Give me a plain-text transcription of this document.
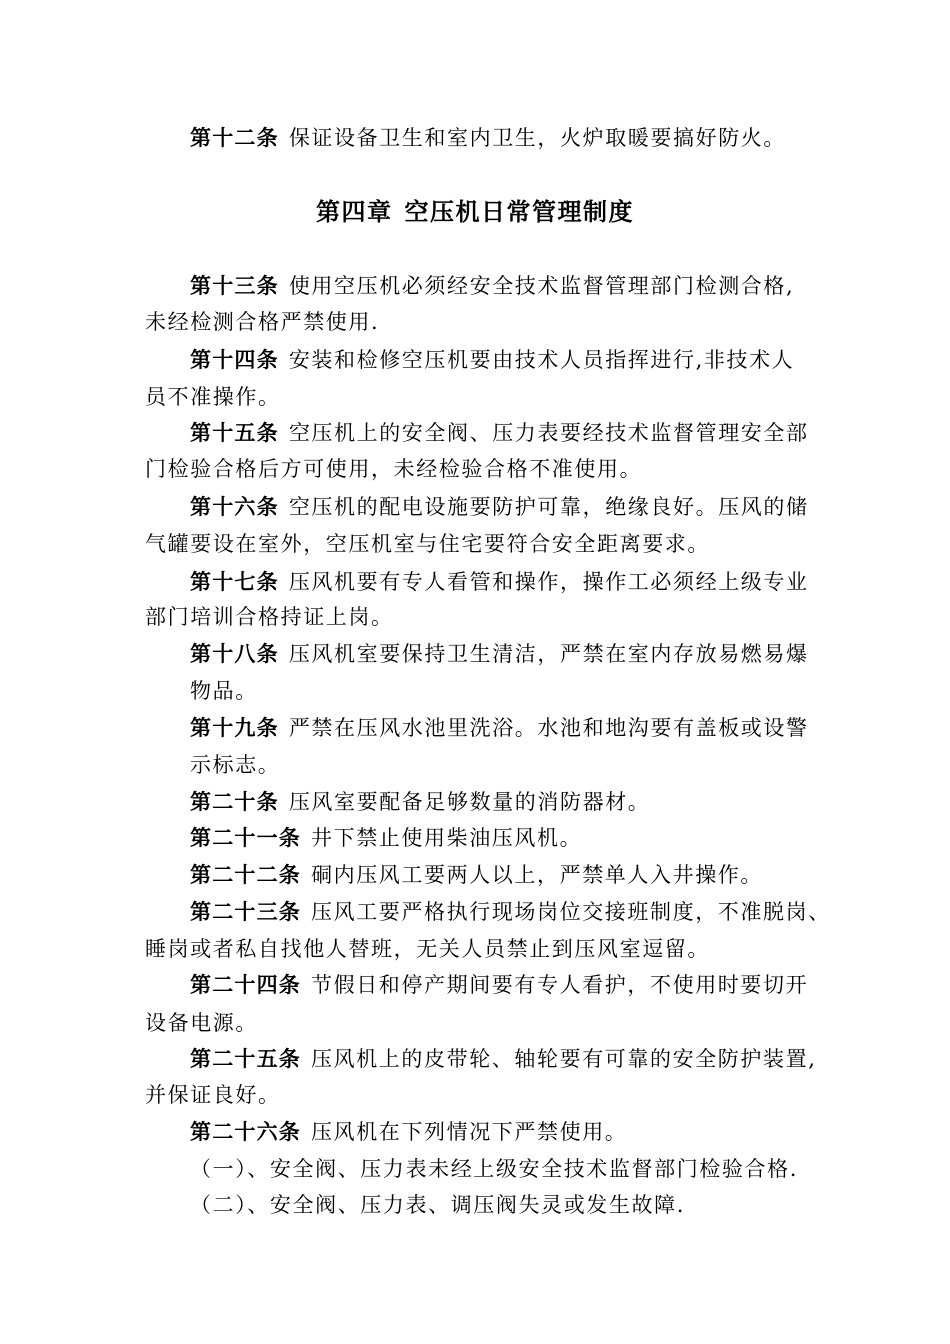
第十二条 保证设备卫生和室内卫生，火炉取暖要搞好防火。
第四章 空压机日常管理制度
第十三条 使用空压机必须经安全技术监督管理部门检测合格,
未经检测合格严禁使用.
第十四条 安装和检修空压机要由技术人员指挥进行,非技术人
员不准操作。
第十五条 空压机上的安全阀、压力表要经技术监督管理安全部
门检验合格后方可使用，未经检验合格不准使用。
第十六条 空压机的配电设施要防护可靠，绝缘良好。压风的储
气罐要设在室外，空压机室与住宅要符合安全距离要求。
第十七条 压风机要有专人看管和操作，操作工必须经上级专业
部门培训合格持证上岗。
第十八条 压风机室要保持卫生清洁，严禁在室内存放易燃易爆
物品。
第十九条 严禁在压风水池里洗浴。水池和地沟要有盖板或设警
示标志。
第二十条 压风室要配备足够数量的消防器材。
第二十一条 井下禁止使用柴油压风机。
第二十二条 硐内压风工要两人以上，严禁单人入井操作。
第二十三条 压风工要严格执行现场岗位交接班制度，不准脱岗、
睡岗或者私自找他人替班，无关人员禁止到压风室逗留。
第二十四条 节假日和停产期间要有专人看护，不使用时要切开
设备电源。
第二十五条 压风机上的皮带轮、轴轮要有可靠的安全防护装置,
并保证良好。
第二十六条 压风机在下列情况下严禁使用。
（一）、安全阀、压力表未经上级安全技术监督部门检验合格.
（二）、安全阀、压力表、调压阀失灵或发生故障.
